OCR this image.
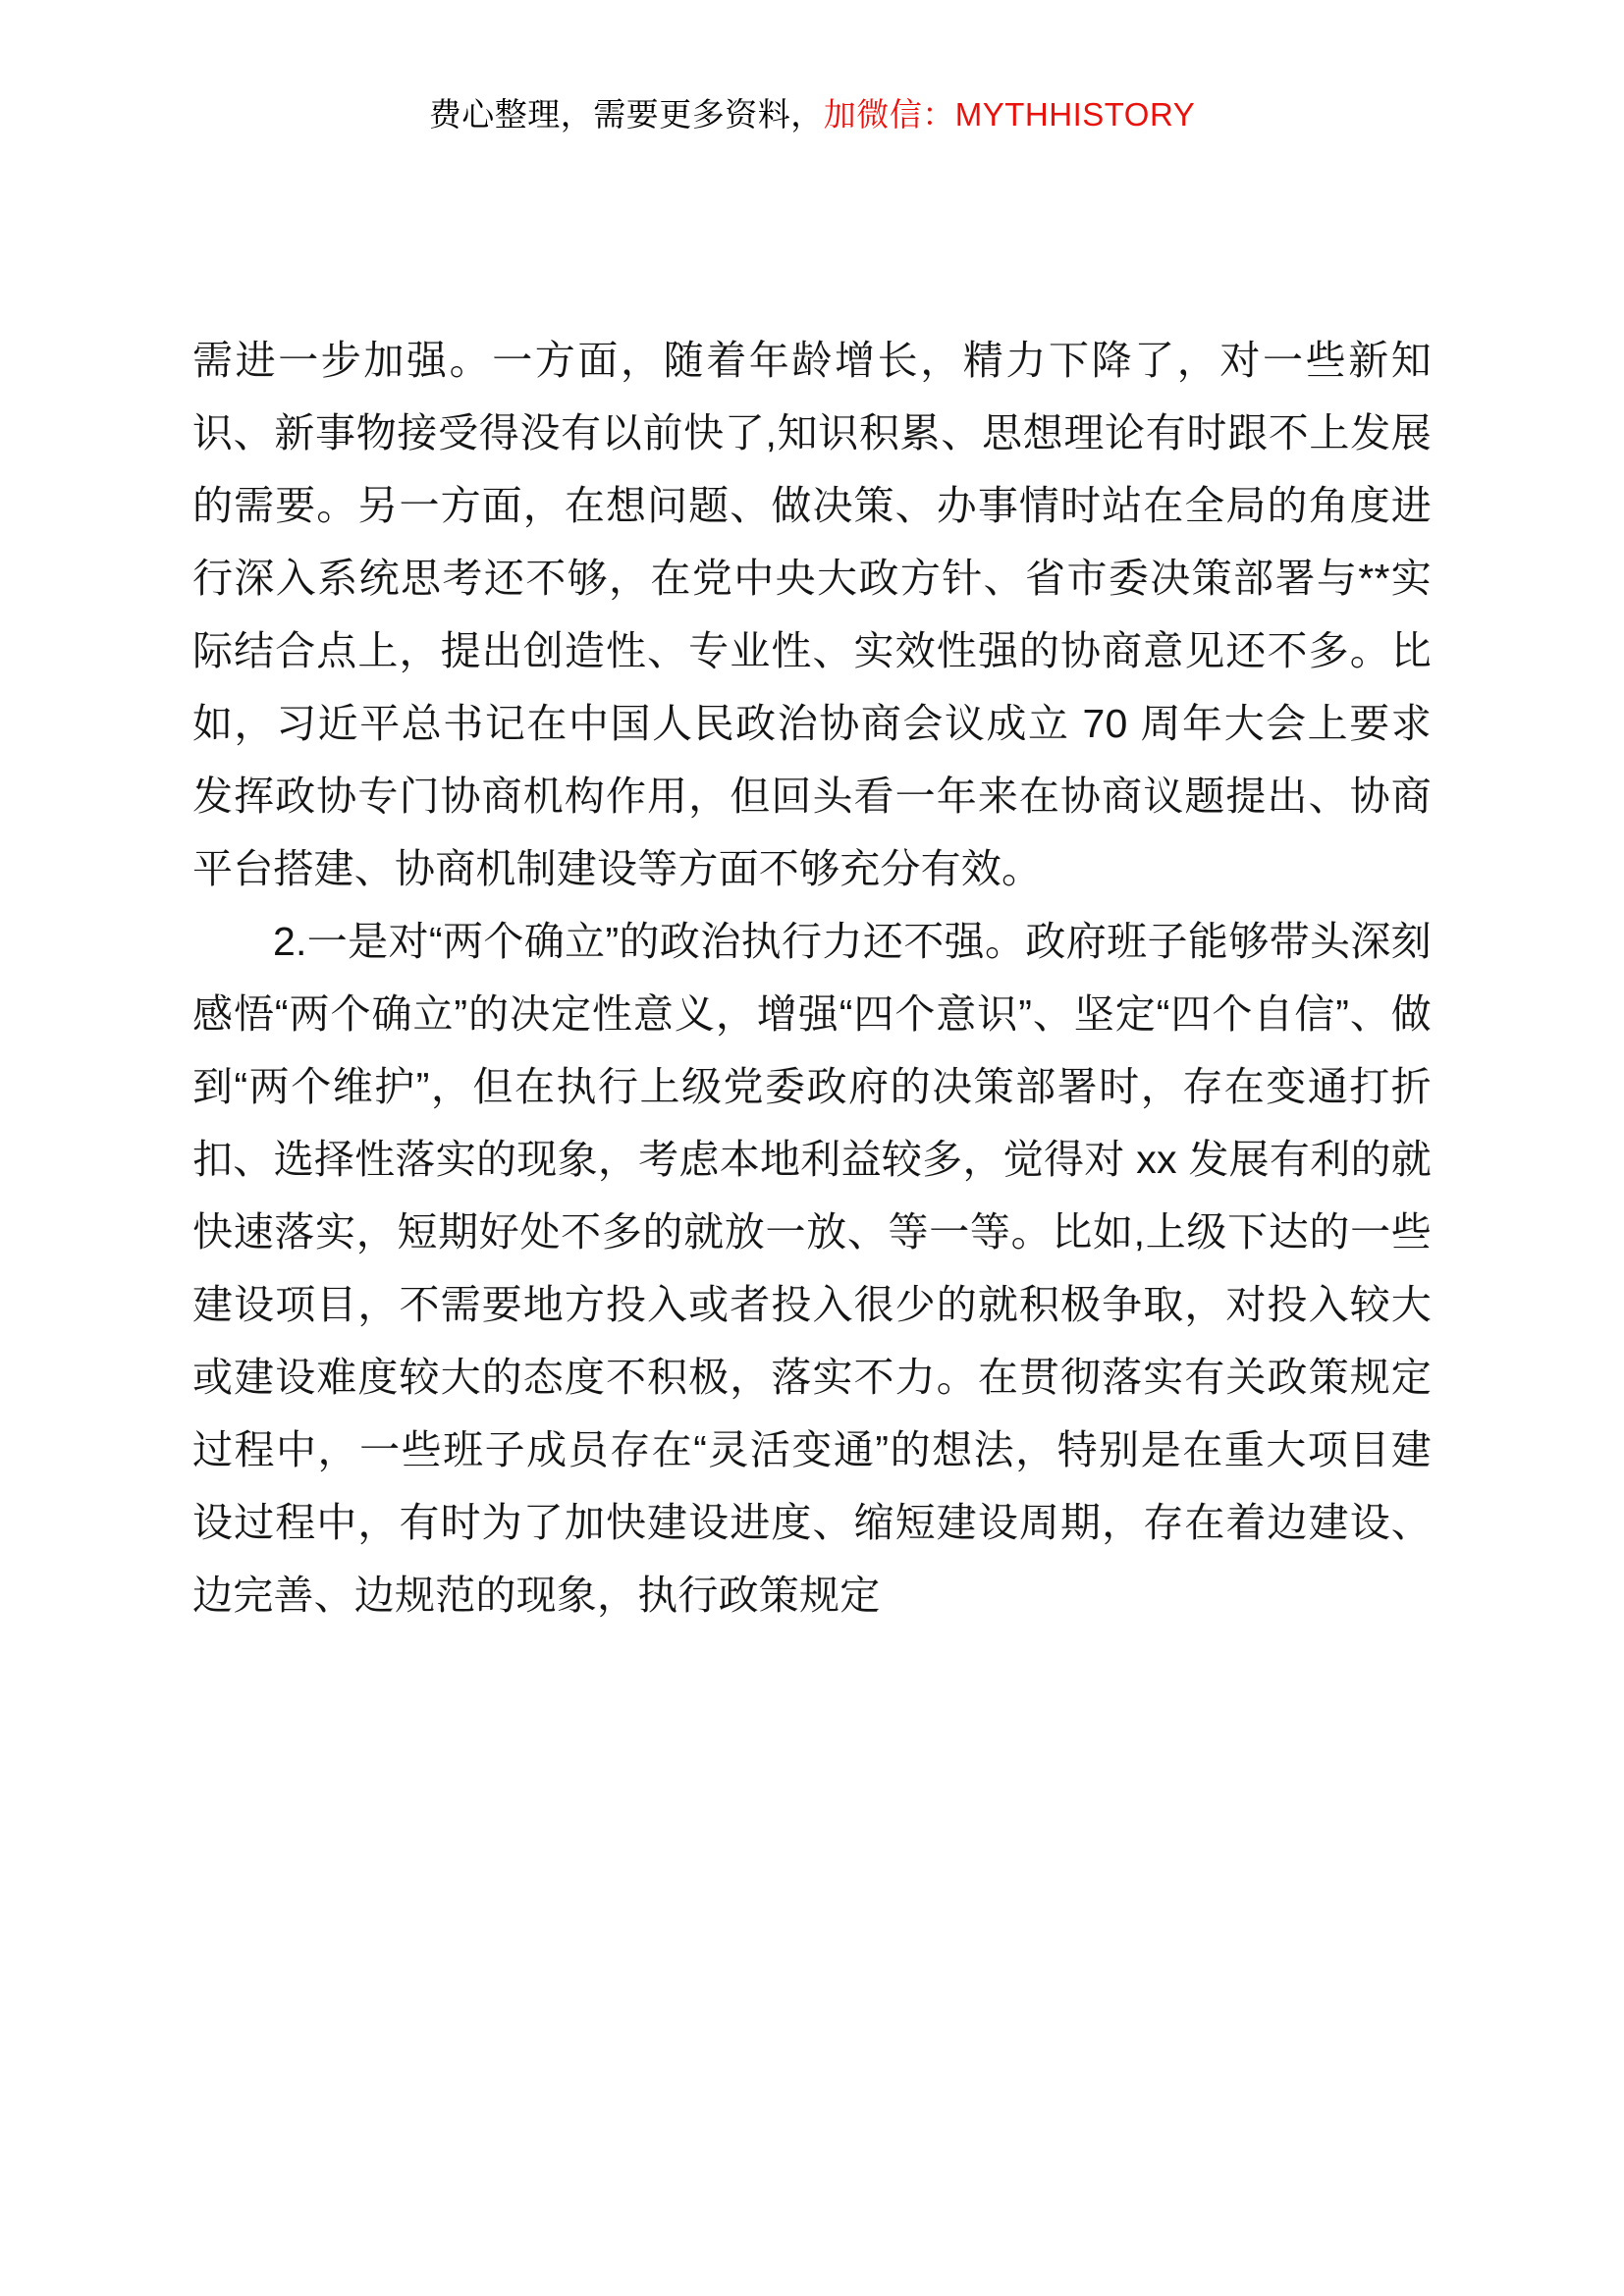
费心整理，需要更多资料，加微信：MYTHHISTORY

需进一步加强。一方面，随着年龄增长，精力下降了，对一些新知识、新事物接受得没有以前快了,知识积累、思想理论有时跟不上发展的需要。另一方面，在想问题、做决策、办事情时站在全局的角度进行深入系统思考还不够，在党中央大政方针、省市委决策部署与**实际结合点上，提出创造性、专业性、实效性强的协商意见还不多。比如，习近平总书记在中国人民政治协商会议成立 70 周年大会上要求发挥政协专门协商机构作用，但回头看一年来在协商议题提出、协商平台搭建、协商机制建设等方面不够充分有效。

2.一是对“两个确立”的政治执行力还不强。政府班子能够带头深刻感悟“两个确立”的决定性意义，增强“四个意识”、坚定“四个自信”、做到“两个维护”，但在执行上级党委政府的决策部署时，存在变通打折扣、选择性落实的现象，考虑本地利益较多，觉得对 xx 发展有利的就快速落实，短期好处不多的就放一放、等一等。比如,上级下达的一些建设项目，不需要地方投入或者投入很少的就积极争取，对投入较大或建设难度较大的态度不积极，落实不力。在贯彻落实有关政策规定过程中，一些班子成员存在“灵活变通”的想法，特别是在重大项目建设过程中，有时为了加快建设进度、缩短建设周期，存在着边建设、边完善、边规范的现象，执行政策规定
